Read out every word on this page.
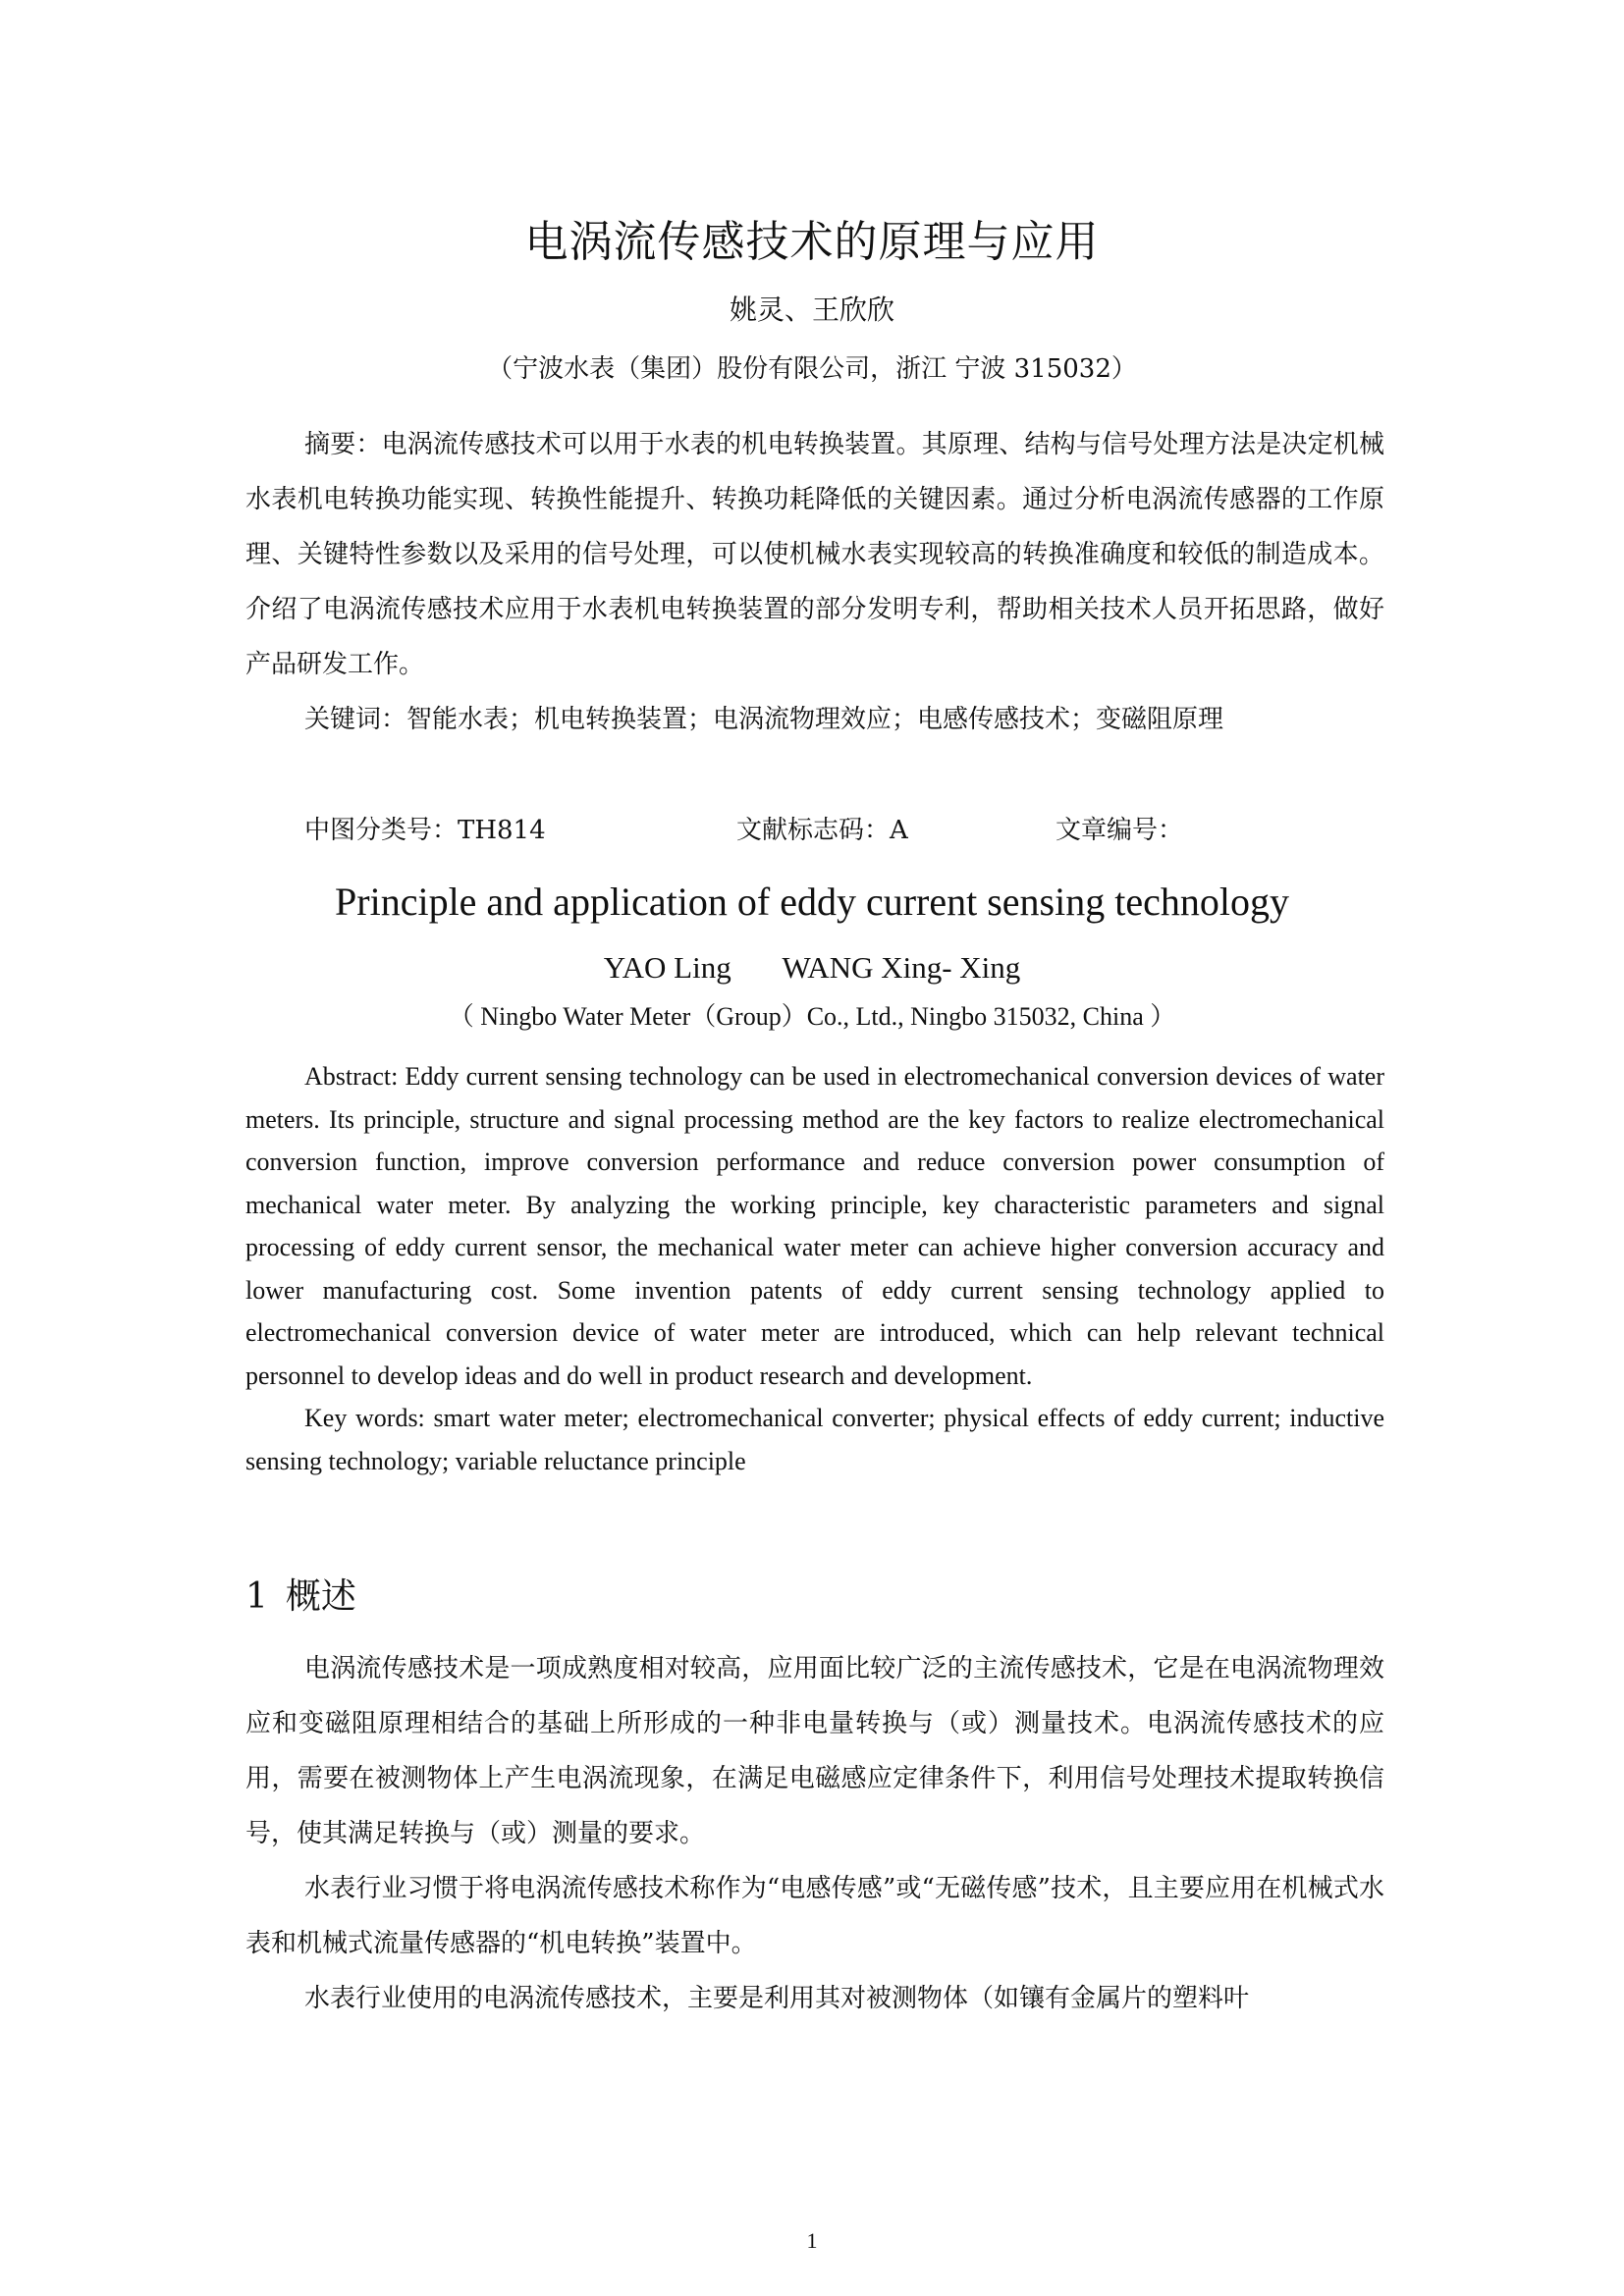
电涡流传感技术的原理与应用
姚灵、王欣欣
（宁波水表（集团）股份有限公司，浙江 宁波 315032）

摘要：电涡流传感技术可以用于水表的机电转换装置。其原理、结构与信号处理方法是决定机械水表机电转换功能实现、转换性能提升、转换功耗降低的关键因素。通过分析电涡流传感器的工作原理、关键特性参数以及采用的信号处理，可以使机械水表实现较高的转换准确度和较低的制造成本。介绍了电涡流传感技术应用于水表机电转换装置的部分发明专利，帮助相关技术人员开拓思路，做好产品研发工作。

关键词：智能水表；机电转换装置；电涡流物理效应；电感传感技术；变磁阻原理

中图分类号：TH814	文献标志码：A	文章编号：
Principle and application of eddy current sensing technology
YAO Ling WANG Xing- Xing
（ Ningbo Water Meter（Group）Co., Ltd., Ningbo 315032, China ）

Abstract: Eddy current sensing technology can be used in electromechanical conversion devices of water meters. Its principle, structure and signal processing method are the key factors to realize electromechanical conversion function, improve conversion performance and reduce conversion power consumption of mechanical water meter. By analyzing the working principle, key characteristic parameters and signal processing of eddy current sensor, the mechanical water meter can achieve higher conversion accuracy and lower manufacturing cost. Some invention patents of eddy current sensing technology applied to electromechanical conversion device of water meter are introduced, which can help relevant technical personnel to develop ideas and do well in product research and development.

Key words: smart water meter; electromechanical converter; physical effects of eddy current; inductive sensing technology; variable reluctance principle

1 概述

电涡流传感技术是一项成熟度相对较高，应用面比较广泛的主流传感技术，它是在电涡流物理效应和变磁阻原理相结合的基础上所形成的一种非电量转换与（或）测量技术。电涡流传感技术的应用，需要在被测物体上产生电涡流现象，在满足电磁感应定律条件下，利用信号处理技术提取转换信号，使其满足转换与（或）测量的要求。

水表行业习惯于将电涡流传感技术称作为“电感传感”或“无磁传感”技术，且主要应用在机械式水表和机械式流量传感器的“机电转换”装置中。

水表行业使用的电涡流传感技术，主要是利用其对被测物体（如镶有金属片的塑料叶

1
